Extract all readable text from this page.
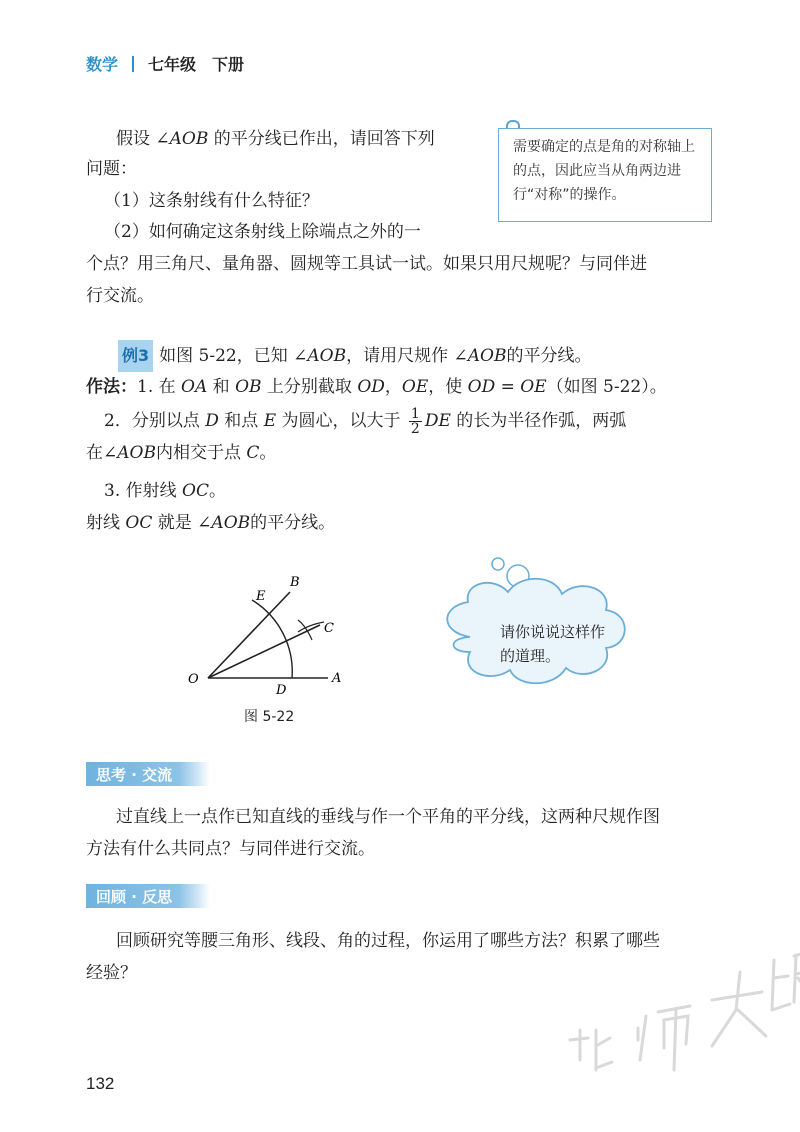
数学 七年级 下册
假设 ∠AOB 的平分线已作出，请回答下列
问题：
（1）这条射线有什么特征？
（2）如何确定这条射线上除端点之外的一
个点？用三角尺、量角器、圆规等工具试一试。如果只用尺规呢？与同伴进
行交流。
需要确定的点是角的对称轴上的点，因此应当从角两边进行“对称”的操作。
例3 如图 5-22，已知 ∠AOB，请用尺规作 ∠AOB的平分线。
作法：1. 在 OA 和 OB 上分别截取 OD，OE，使 OD = OE（如图 5-22）。
2．分别以点 D 和点 E 为圆心，以大于 $\frac{1}{2}$ DE 的长为半径作弧，两弧
在∠AOB内相交于点 C。
3. 作射线 OC。
射线 OC 就是 ∠AOB的平分线。
O	A
B
C
D
E
图 5-22
请你说说这样作的道理。
思考 · 交流
过直线上一点作已知直线的垂线与作一个平角的平分线，这两种尺规作图
方法有什么共同点？与同伴进行交流。
回顾 · 反思
回顾研究等腰三角形、线段、角的过程，你运用了哪些方法？积累了哪些
经验？
132
